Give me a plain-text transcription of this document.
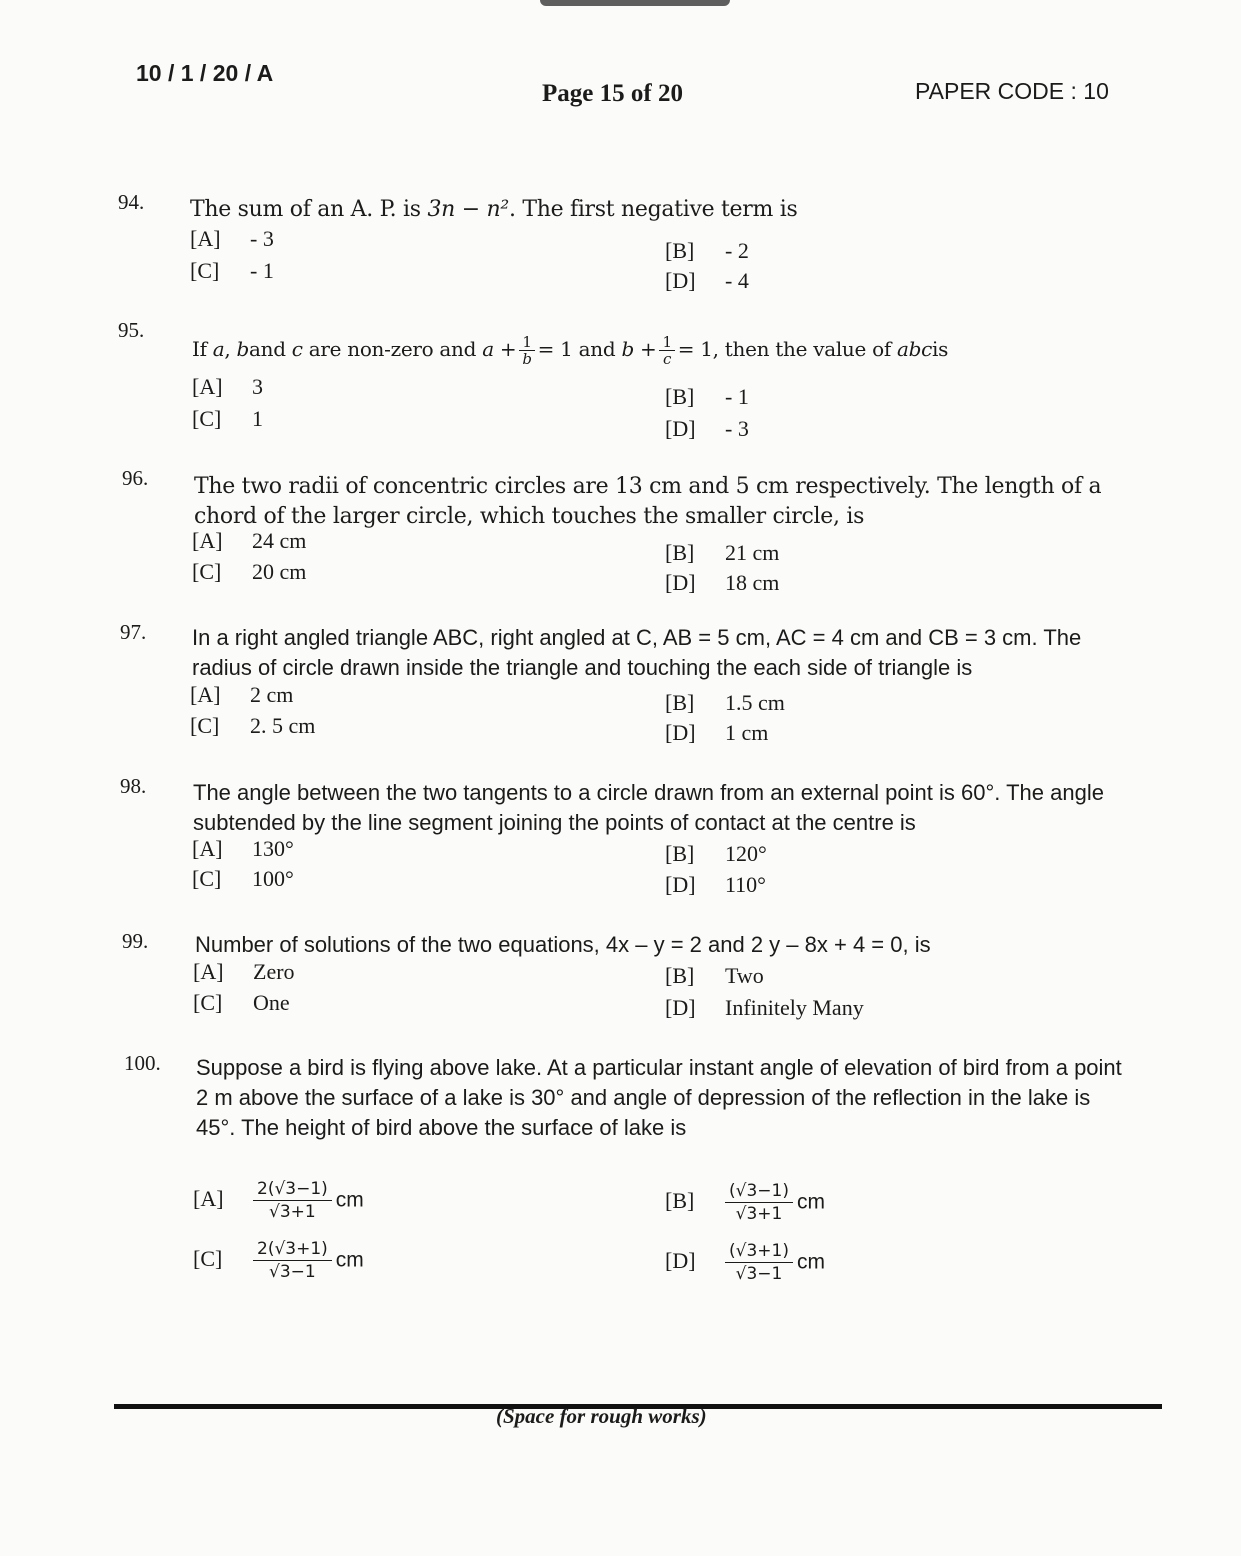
10 / 1 / 20 / A
Page 15 of 20	PAPER CODE : 10
94. The sum of an A. P. is 3n − n². The first negative term is
[A] - 3	[B] - 2
[C] - 1	[D] - 4
95.
If a, band c are non-zero and $a + \frac{1}{b} = 1$ and $b + \frac{1}{c} = 1$, then the value of abcis
[A] 3	[B] - 1
[C] 1	[D] - 3
96. The two radii of concentric circles are 13 cm and 5 cm respectively. The length of a chord of the larger circle, which touches the smaller circle, is
[A] 24 cm	[B] 21 cm
[C] 20 cm	[D] 18 cm
97. In a right angled triangle ABC, right angled at C, AB = 5 cm, AC = 4 cm and CB = 3 cm. The radius of circle drawn inside the triangle and touching the each side of triangle is
[A] 2 cm	[B] 1.5 cm
[C] 2. 5 cm	[D] 1 cm
98. The angle between the two tangents to a circle drawn from an external point is 60°. The angle subtended by the line segment joining the points of contact at the centre is
[A] 130°	[B] 120°
[C] 100°	[D] 110°
99. Number of solutions of the two equations, 4x – y = 2 and 2 y – 8x + 4 = 0, is
[A] Zero	[B] Two
[C] One	[D] Infinitely Many
100. Suppose a bird is flying above lake. At a particular instant angle of elevation of bird from a point 2 m above the surface of a lake is 30° and angle of depression of the reflection in the lake is 45°. The height of bird above the surface of lake is
$[A] \frac{2(√3-1)}{√3+1}$ cm	$[B] \frac{(√3-1)}{√3+1}$ cm
$[C] \frac{2(√3+1)}{√3-1}$ cm	$[D] \frac{(√3+1)}{√3-1}$ cm
(Space for rough works)
